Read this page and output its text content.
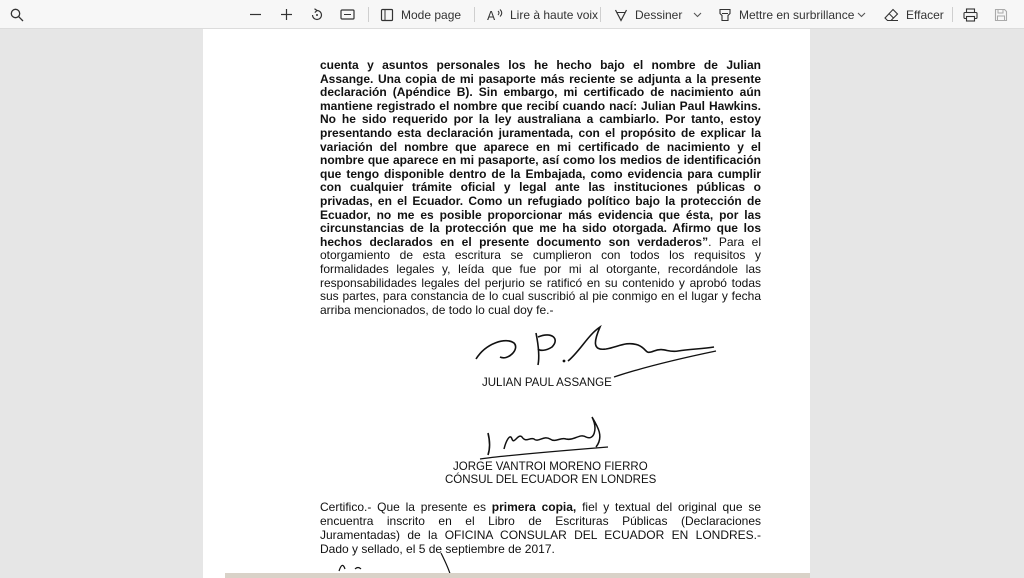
Mode page A Lire à haute voix	Dessiner	Mettre en surbrillance	Effacer
cuenta y asuntos personales los he hecho bajo el nombre de Julian Assange. Una copia de mi pasaporte más reciente se adjunta a la presente declaración (Apéndice B). Sin embargo, mi certificado de nacimiento aún mantiene registrado el nombre que recibí cuando nací: Julian Paul Hawkins. No he sido requerido por la ley australiana a cambiarlo. Por tanto, estoy presentando esta declaración juramentada, con el propósito de explicar la variación del nombre que aparece en mi certificado de nacimiento y el nombre que aparece en mi pasaporte, así como los medios de identificación que tengo disponible dentro de la Embajada, como evidencia para cumplir con cualquier trámite oficial y legal ante las instituciones públicas o privadas, en el Ecuador. Como un refugiado político bajo la protección de Ecuador, no me es posible proporcionar más evidencia que ésta, por las circunstancias de la protección que me ha sido otorgada. Afirmo que los hechos declarados en el presente documento son verdaderos”. Para el otorgamiento de esta escritura se cumplieron con todos los requisitos y formalidades legales y, leída que fue por mi al otorgante, recordándole las responsabilidades legales del perjurio se ratificó en su contenido y aprobó todas sus partes, para constancia de lo cual suscribió al pie conmigo en el lugar y fecha arriba mencionados, de todo lo cual doy fe.-
JULIAN PAUL ASSANGE
JORGE VANTROI MORENO FIERRO
CÓNSUL DEL ECUADOR EN LONDRES
Certifico.- Que la presente es primera copia, fiel y textual del original que se encuentra inscrito en el Libro de Escrituras Públicas (Declaraciones Juramentadas) de la OFICINA CONSULAR DEL ECUADOR EN LONDRES.- Dado y sellado, el 5 de septiembre de 2017.
